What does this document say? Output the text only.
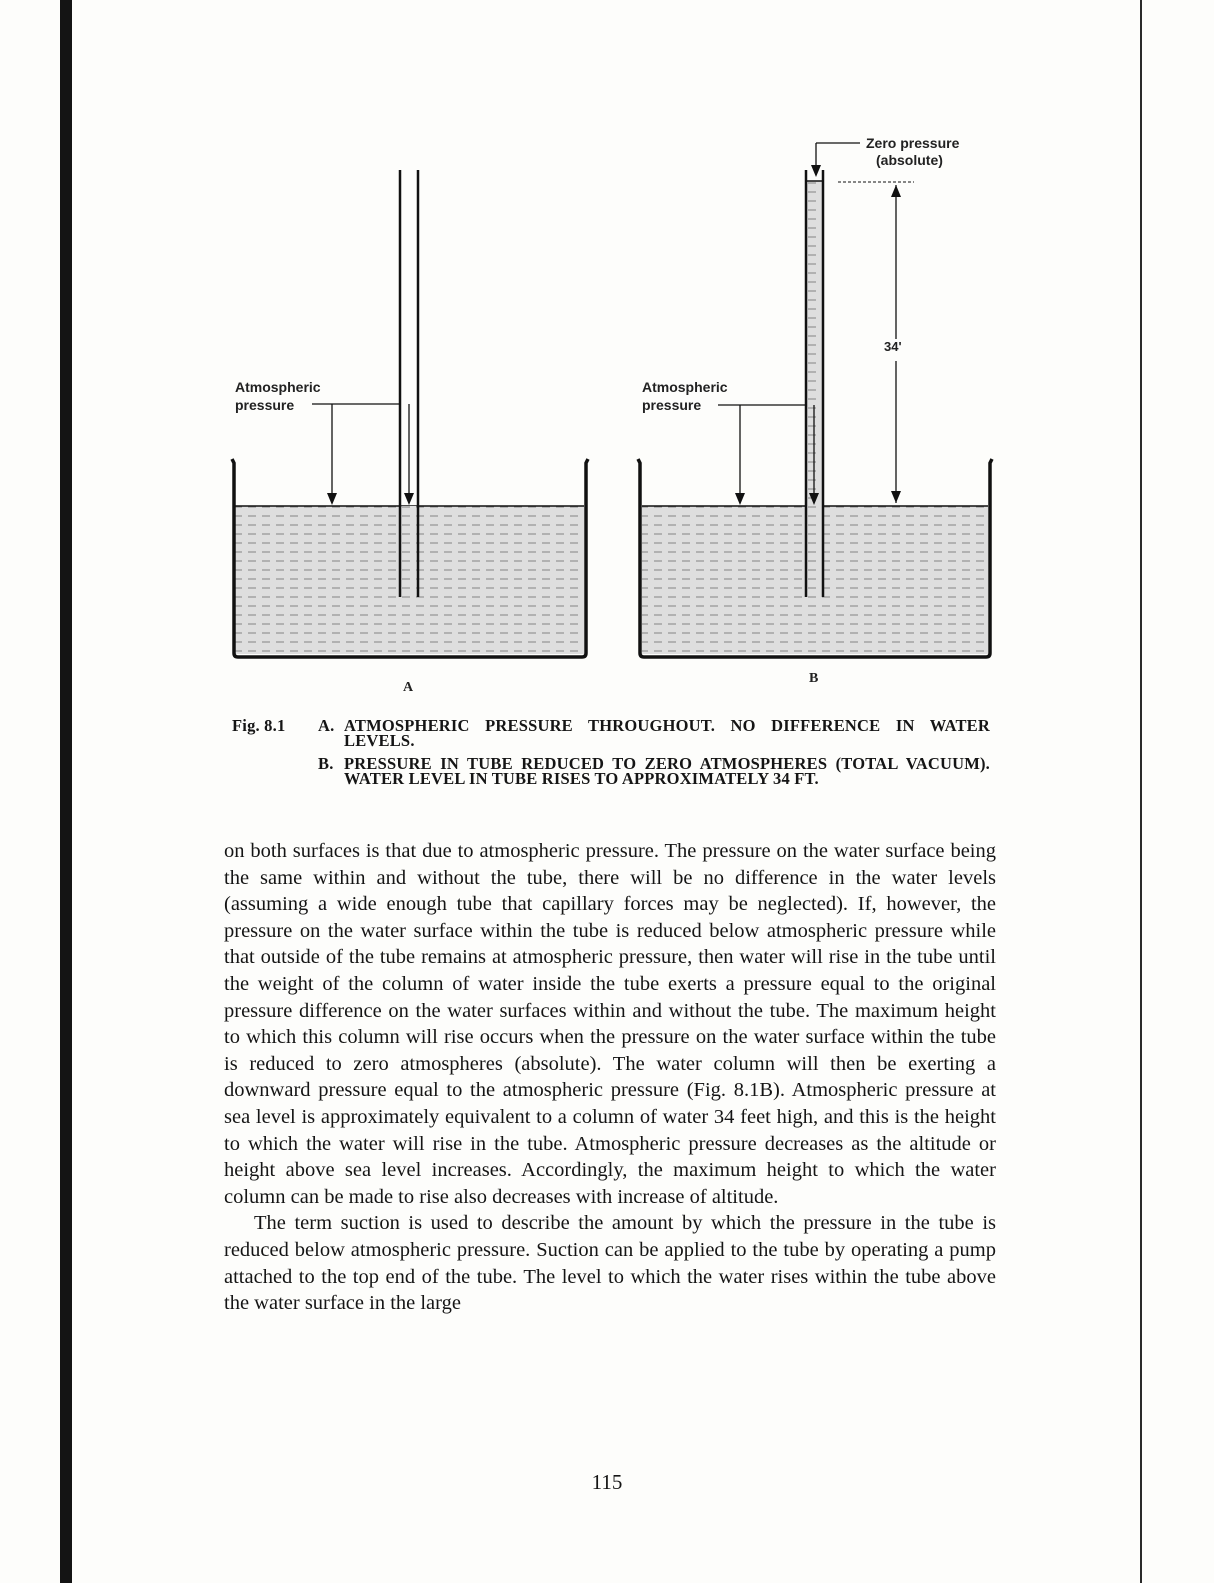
Atmospheric
pressure
A
34'
Zero pressure
(absolute)
Atmospheric
pressure
B
Fig. 8.1 A. ATMOSPHERIC PRESSURE THROUGHOUT. NO DIFFERENCE IN WATER LEVELS.
B. PRESSURE IN TUBE REDUCED TO ZERO ATMOSPHERES (TOTAL VACUUM). WATER LEVEL IN TUBE RISES TO APPROXIMATELY 34 FT.

on both surfaces is that due to atmospheric pressure. The pressure on the water surface being the same within and without the tube, there will be no difference in the water levels (assuming a wide enough tube that capillary forces may be neglected). If, however, the pressure on the water surface within the tube is reduced below atmospheric pressure while that outside of the tube remains at atmospheric pressure, then water will rise in the tube until the weight of the column of water inside the tube exerts a pressure equal to the original pressure difference on the water surfaces within and without the tube. The maximum height to which this column will rise occurs when the pressure on the water surface within the tube is reduced to zero atmospheres (absolute). The water column will then be exerting a downward pressure equal to the atmospheric pressure (Fig. 8.1B). Atmospheric pressure at sea level is approximately equivalent to a column of water 34 feet high, and this is the height to which the water will rise in the tube. Atmospheric pressure decreases as the altitude or height above sea level increases. Accordingly, the maximum height to which the water column can be made to rise also decreases with increase of altitude.

The term suction is used to describe the amount by which the pressure in the tube is reduced below atmospheric pressure. Suction can be applied to the tube by operating a pump attached to the top end of the tube. The level to which the water rises within the tube above the water surface in the large

115
